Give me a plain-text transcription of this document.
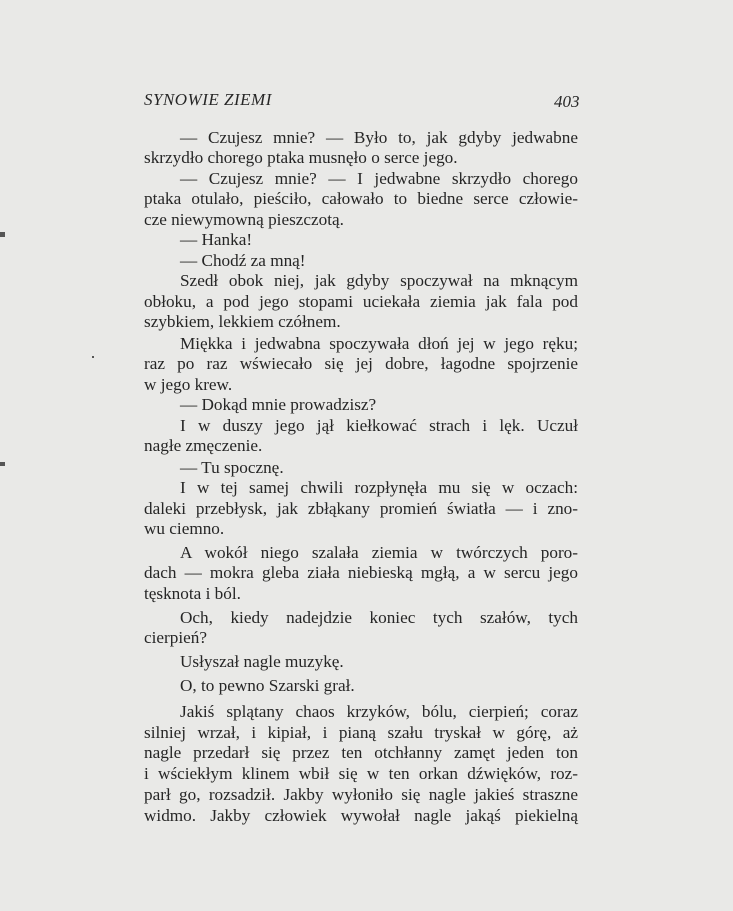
SYNOWIE ZIEMI	403
— Czujesz mnie? — Było to, jak gdyby jedwabne
skrzydło chorego ptaka musnęło o serce jego.
— Czujesz mnie? — I jedwabne skrzydło chorego
ptaka otulało, pieściło, całowało to biedne serce człowie-
cze niewymowną pieszczotą.
— Hanka!
— Chodź za mną!
Szedł obok niej, jak gdyby spoczywał na mknącym
obłoku, a pod jego stopami uciekała ziemia jak fala pod
szybkiem, lekkiem czółnem.
Miękka i jedwabna spoczywała dłoń jej w jego ręku;
raz po raz wświecało się jej dobre, łagodne spojrzenie
w jego krew.
— Dokąd mnie prowadzisz?
I w duszy jego jął kiełkować strach i lęk. Uczuł
nagłe zmęczenie.
— Tu spocznę.
I w tej samej chwili rozpłynęła mu się w oczach:
daleki przebłysk, jak zbłąkany promień światła — i zno-
wu ciemno.
A wokół niego szalała ziemia w twórczych poro-
dach — mokra gleba ziała niebieską mgłą, a w sercu jego
tęsknota i ból.
Och, kiedy nadejdzie koniec tych szałów, tych
cierpień?
Usłyszał nagle muzykę.
O, to pewno Szarski grał.
Jakiś splątany chaos krzyków, bólu, cierpień; coraz
silniej wrzał, i kipiał, i pianą szału tryskał w górę, aż
nagle przedarł się przez ten otchłanny zamęt jeden ton
i wściekłym klinem wbił się w ten orkan dźwięków, roz-
parł go, rozsadził. Jakby wyłoniło się nagle jakieś straszne
widmo. Jakby człowiek wywołał nagle jakąś piekielną
